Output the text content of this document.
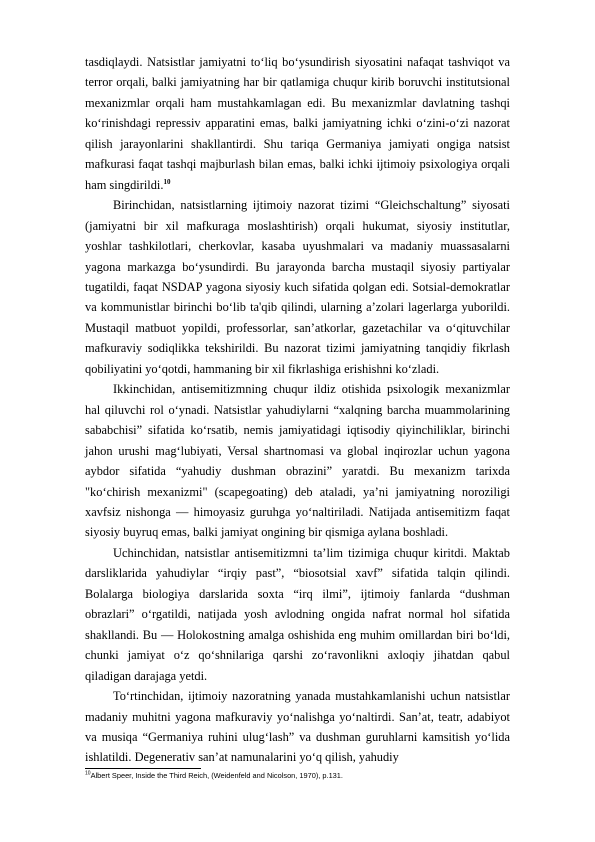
tasdiqlaydi. Natsistlar jamiyatni to‘liq bo‘ysundirish siyosatini nafaqat tashviqot va terror orqali, balki jamiyatning har bir qatlamiga chuqur kirib boruvchi institutsional mexanizmlar orqali ham mustahkamlagan edi. Bu mexanizmlar davlatning tashqi ko‘rinishdagi repressiv apparatini emas, balki jamiyatning ichki o‘zini-o‘zi nazorat qilish jarayonlarini shakllantirdi. Shu tariqa Germaniya jamiyati ongiga natsist mafkurasi faqat tashqi majburlash bilan emas, balki ichki ijtimoiy psixologiya orqali ham singdirildi.$^{10}$

Birinchidan, natsistlarning ijtimoiy nazorat tizimi “Gleichschaltung” siyosati (jamiyatni bir xil mafkuraga moslashtirish) orqali hukumat, siyosiy institutlar, yoshlar tashkilotlari, cherkovlar, kasaba uyushmalari va madaniy muassasalarni yagona markazga bo‘ysundirdi. Bu jarayonda barcha mustaqil siyosiy partiyalar tugatildi, faqat NSDAP yagona siyosiy kuch sifatida qolgan edi. Sotsial-demokratlar va kommunistlar birinchi bo‘lib ta'qib qilindi, ularning a’zolari lagerlarga yuborildi. Mustaqil matbuot yopildi, professorlar, san’atkorlar, gazetachilar va o‘qituvchilar mafkuraviy sodiqlikka tekshirildi. Bu nazorat tizimi jamiyatning tanqidiy fikrlash qobiliyatini yo‘qotdi, hammaning bir xil fikrlashiga erishishni ko‘zladi.

Ikkinchidan, antisemitizmning chuqur ildiz otishida psixologik mexanizmlar hal qiluvchi rol o‘ynadi. Natsistlar yahudiylarni “xalqning barcha muammolarining sababchisi” sifatida ko‘rsatib, nemis jamiyatidagi iqtisodiy qiyinchiliklar, birinchi jahon urushi mag‘lubiyati, Versal shartnomasi va global inqirozlar uchun yagona aybdor sifatida “yahudiy dushman obrazini” yaratdi. Bu mexanizm tarixda "ko‘chirish mexanizmi" (scapegoating) deb ataladi, ya’ni jamiyatning noroziligi xavfsiz nishonga — himoyasiz guruhga yo‘naltiriladi. Natijada antisemitizm faqat siyosiy buyruq emas, balki jamiyat ongining bir qismiga aylana boshladi.

Uchinchidan, natsistlar antisemitizmni ta’lim tizimiga chuqur kiritdi. Maktab darsliklarida yahudiylar “irqiy past”, “biosotsial xavf” sifatida talqin qilindi. Bolalarga biologiya darslarida soxta “irq ilmi”, ijtimoiy fanlarda “dushman obrazlari” o‘rgatildi, natijada yosh avlodning ongida nafrat normal hol sifatida shakllandi. Bu — Holokostning amalga oshishida eng muhim omillardan biri bo‘ldi, chunki jamiyat o‘z qo‘shnilariga qarshi zo‘ravonlikni axloqiy jihatdan qabul qiladigan darajaga yetdi.

To‘rtinchidan, ijtimoiy nazoratning yanada mustahkamlanishi uchun natsistlar madaniy muhitni yagona mafkuraviy yo‘nalishga yo‘naltirdi. San’at, teatr, adabiyot va musiqa “Germaniya ruhini ulug‘lash” va dushman guruhlarni kamsitish yo‘lida ishlatildi. Degenerativ san’at namunalarini yo‘q qilish, yahudiy

$^{10}$Albert Speer, Inside the Third Reich, (Weidenfeld and Nicolson, 1970), p.131.
